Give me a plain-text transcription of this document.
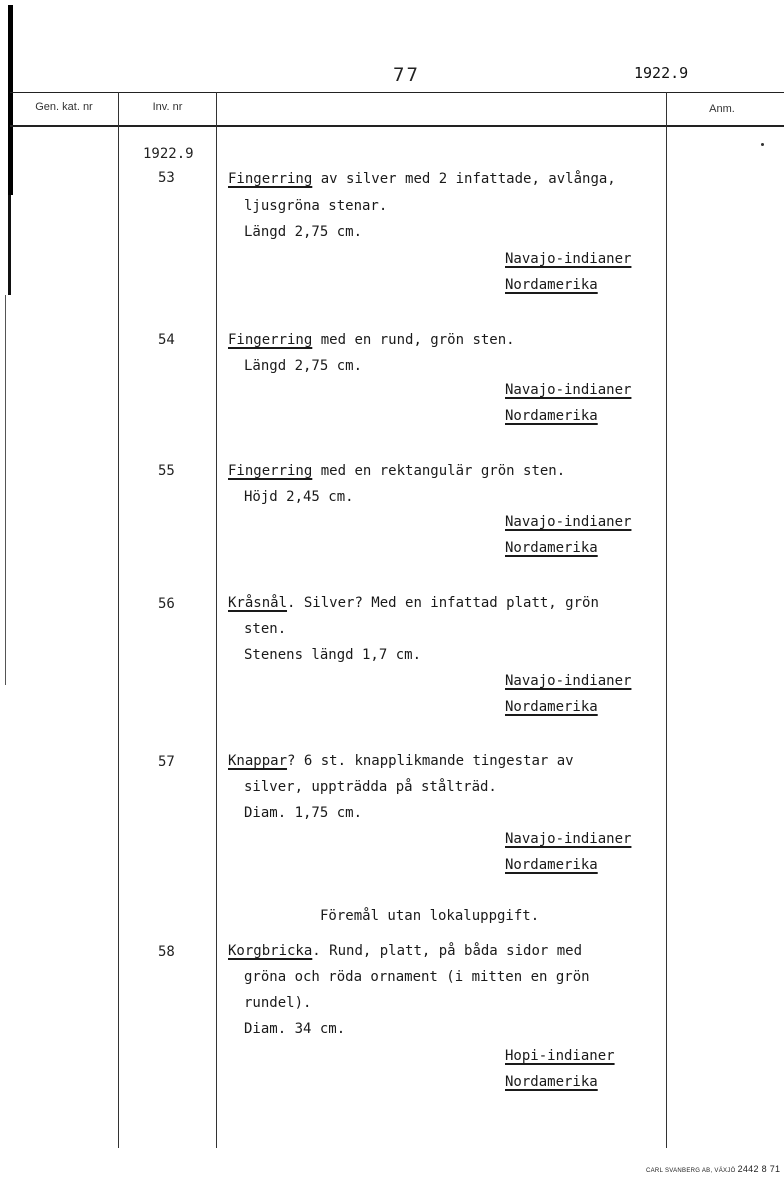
77	1922.9
Gen. kat. nr	Inv. nr	Anm.
1922.9
53	Fingerring av silver med 2 infattade, avlånga,
ljusgröna stenar.
Längd 2,75 cm.
Navajo-indianer
Nordamerika
54	Fingerring med en rund, grön sten.
Längd 2,75 cm.
Navajo-indianer
Nordamerika
55	Fingerring med en rektangulär grön sten.
Höjd 2,45 cm.
Navajo-indianer
Nordamerika
56	Kråsnål. Silver? Med en infattad platt, grön
sten.
Stenens längd 1,7 cm.
Navajo-indianer
Nordamerika
57	Knappar? 6 st. knapplikmande tingestar av
silver, uppträdda på stålträd.
Diam. 1,75 cm.
Navajo-indianer
Nordamerika
Föremål utan lokaluppgift.
58	Korgbricka. Rund, platt, på båda sidor med
gröna och röda ornament (i mitten en grön
rundel).
Diam. 34 cm.
Hopi-indianer
Nordamerika
CARL SVANBERG AB, VÄXJÖ 2442 8 71
